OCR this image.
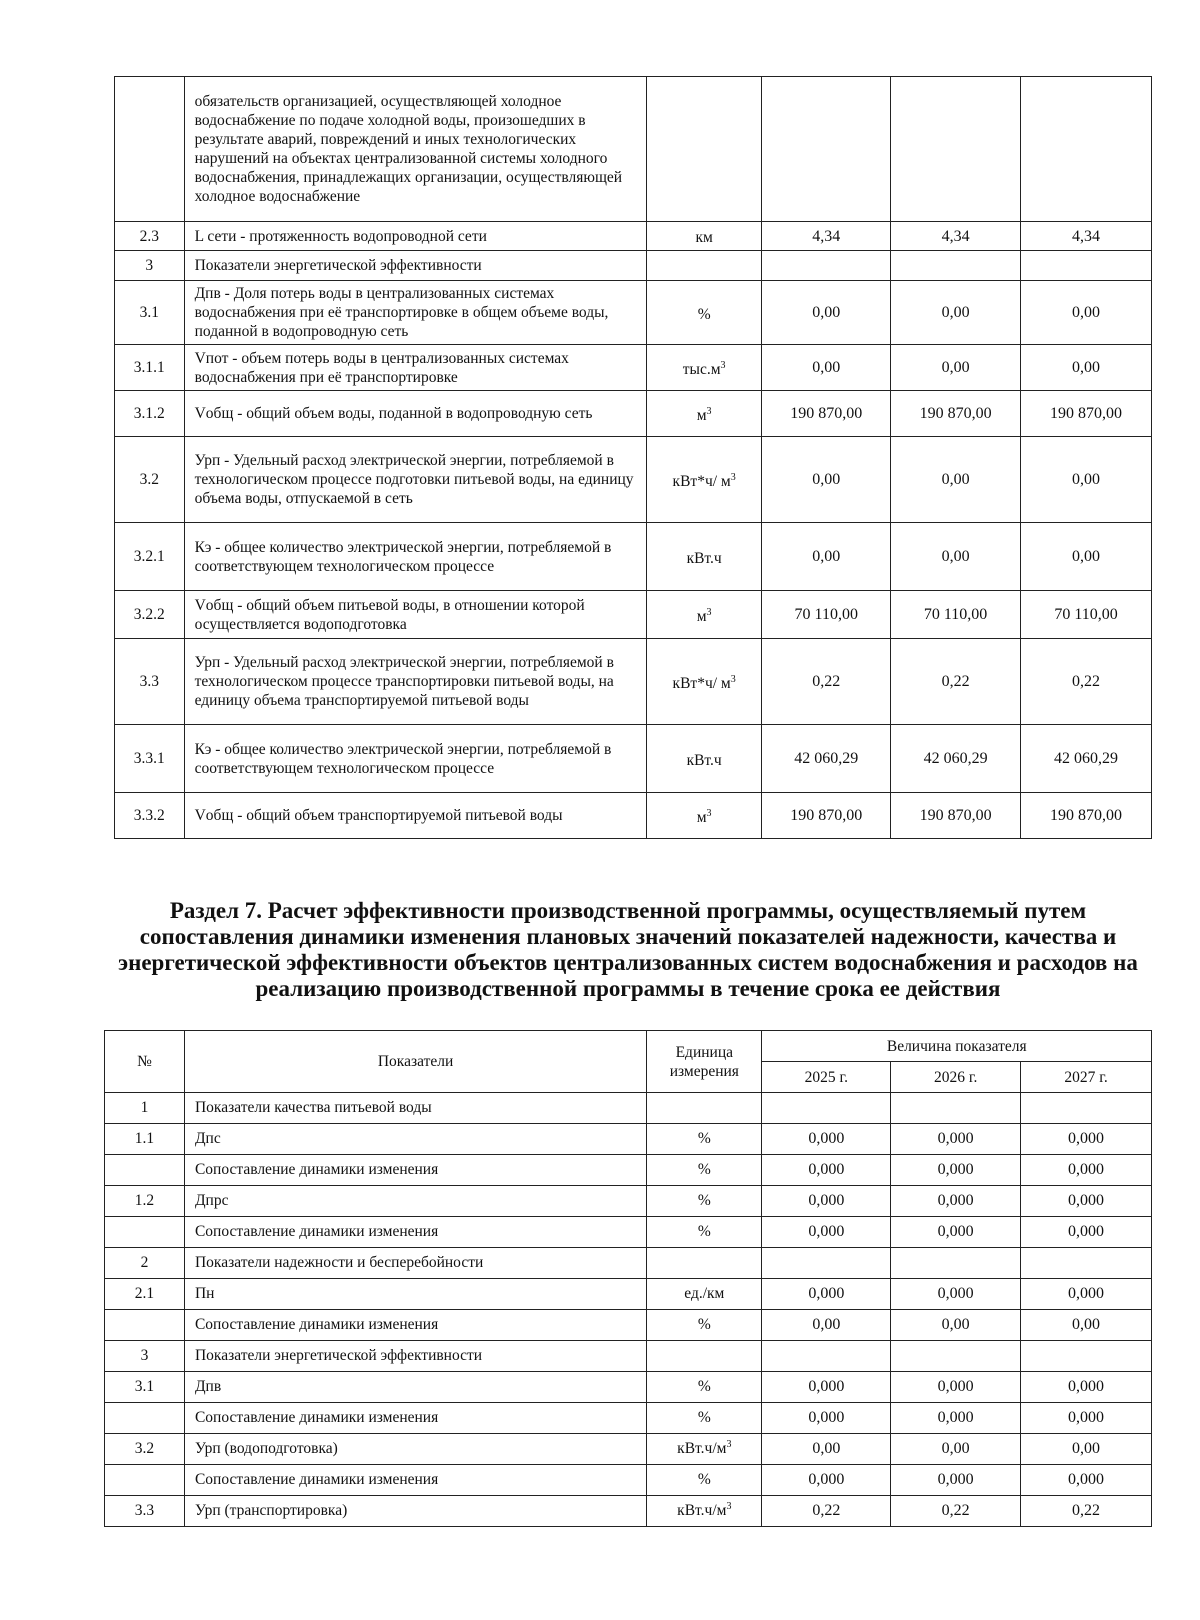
	обязательств организацией, осуществляющей холодное водоснабжение по подаче холодной воды, произошедших в результате аварий, повреждений и иных технологических нарушений на объектах централизованной системы холодного водоснабжения, принадлежащих организации, осуществляющей холодное водоснабжение				
2.3	L сети - протяженность водопроводной сети	км	4,34	4,34	4,34
3	Показатели энергетической эффективности				
3.1	Дпв - Доля потерь воды в централизованных системах водоснабжения при её транспортировке в общем объеме воды, поданной в водопроводную сеть	%	0,00	0,00	0,00
3.1.1	Vпот - объем потерь воды в централизованных системах водоснабжения при её транспортировке	$тыс.м^3$	0,00	0,00	0,00
3.1.2	Vобщ - общий объем воды, поданной в водопроводную сеть	$м^3$	190 870,00	190 870,00	190 870,00
3.2	Урп - Удельный расход электрической энергии, потребляемой в технологическом процессе подготовки питьевой воды, на единицу объема воды, отпускаемой в сеть	кВт*ч/ $м^3$	0,00	0,00	0,00
3.2.1	Кэ - общее количество электрической энергии, потребляемой в соответствующем технологическом процессе	кВт.ч	0,00	0,00	0,00
3.2.2	Vобщ - общий объем питьевой воды, в отношении которой осуществляется водоподготовка	$м^3$	70 110,00	70 110,00	70 110,00
3.3	Урп - Удельный расход электрической энергии, потребляемой в технологическом процессе транспортировки питьевой воды, на единицу объема транспортируемой питьевой воды	кВт*ч/ $м^3$	0,22	0,22	0,22
3.3.1	Кэ - общее количество электрической энергии, потребляемой в соответствующем технологическом процессе	кВт.ч	42 060,29	42 060,29	42 060,29
3.3.2	Vобщ - общий объем транспортируемой питьевой воды	$м^3$	190 870,00	190 870,00	190 870,00
Раздел 7. Расчет эффективности производственной программы, осуществляемый путем сопоставления динамики изменения плановых значений показателей надежности, качества и энергетической эффективности объектов централизованных систем водоснабжения и расходов на реализацию производственной программы в течение срока ее действия
№	Показатели	Единица измерения	Величина показателя		
			2025 г.	2026 г.	2027 г.
1	Показатели качества питьевой воды				
1.1	Дпс	%	0,000	0,000	0,000
	Сопоставление динамики изменения	%	0,000	0,000	0,000
1.2	Дпрс	%	0,000	0,000	0,000
	Сопоставление динамики изменения	%	0,000	0,000	0,000
2	Показатели надежности и бесперебойности				
2.1	Пн	ед./км	0,000	0,000	0,000
	Сопоставление динамики изменения	%	0,00	0,00	0,00
3	Показатели энергетической эффективности				
3.1	Дпв	%	0,000	0,000	0,000
	Сопоставление динамики изменения	%	0,000	0,000	0,000
3.2	Урп (водоподготовка)	$кВт.ч/м^3$	0,00	0,00	0,00
	Сопоставление динамики изменения	%	0,000	0,000	0,000
3.3	Урп (транспортировка)	$кВт.ч/м^3$	0,22	0,22	0,22
